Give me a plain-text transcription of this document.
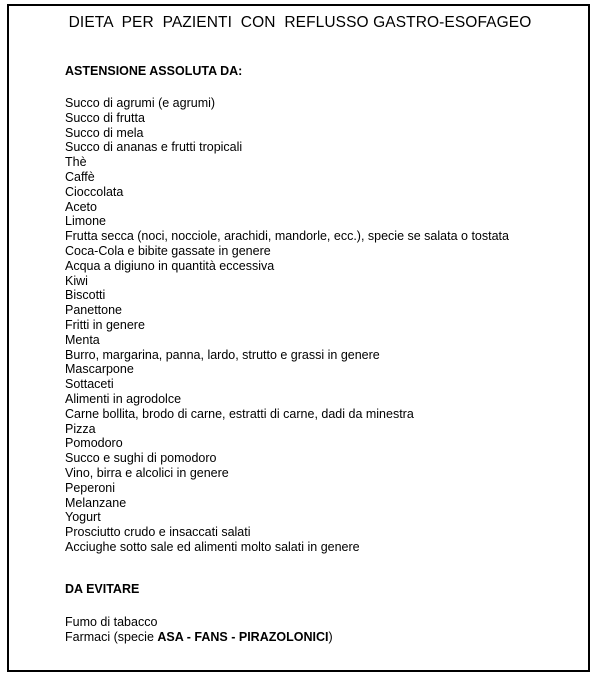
DIETA  PER  PAZIENTI  CON  REFLUSSO GASTRO-ESOFAGEO
ASTENSIONE ASSOLUTA DA:
Succo di agrumi (e agrumi)
Succo di frutta
Succo di mela
Succo di ananas e frutti tropicali
Thè
Caffè
Cioccolata
Aceto
Limone
Frutta secca (noci, nocciole, arachidi, mandorle, ecc.), specie se salata o tostata
Coca-Cola e bibite gassate in genere
Acqua a digiuno in quantità eccessiva
Kiwi
Biscotti
Panettone
Fritti in genere
Menta
Burro, margarina, panna, lardo, strutto e grassi in genere
Mascarpone
Sottaceti
Alimenti in agrodolce
Carne bollita, brodo di carne, estratti di carne, dadi da minestra
Pizza
Pomodoro
Succo e sughi di pomodoro
Vino, birra e alcolici in genere
Peperoni
Melanzane
Yogurt
Prosciutto crudo e insaccati salati
Acciughe sotto sale ed alimenti molto salati in genere
DA EVITARE
Fumo di tabacco
Farmaci (specie ASA - FANS - PIRAZOLONICI)
